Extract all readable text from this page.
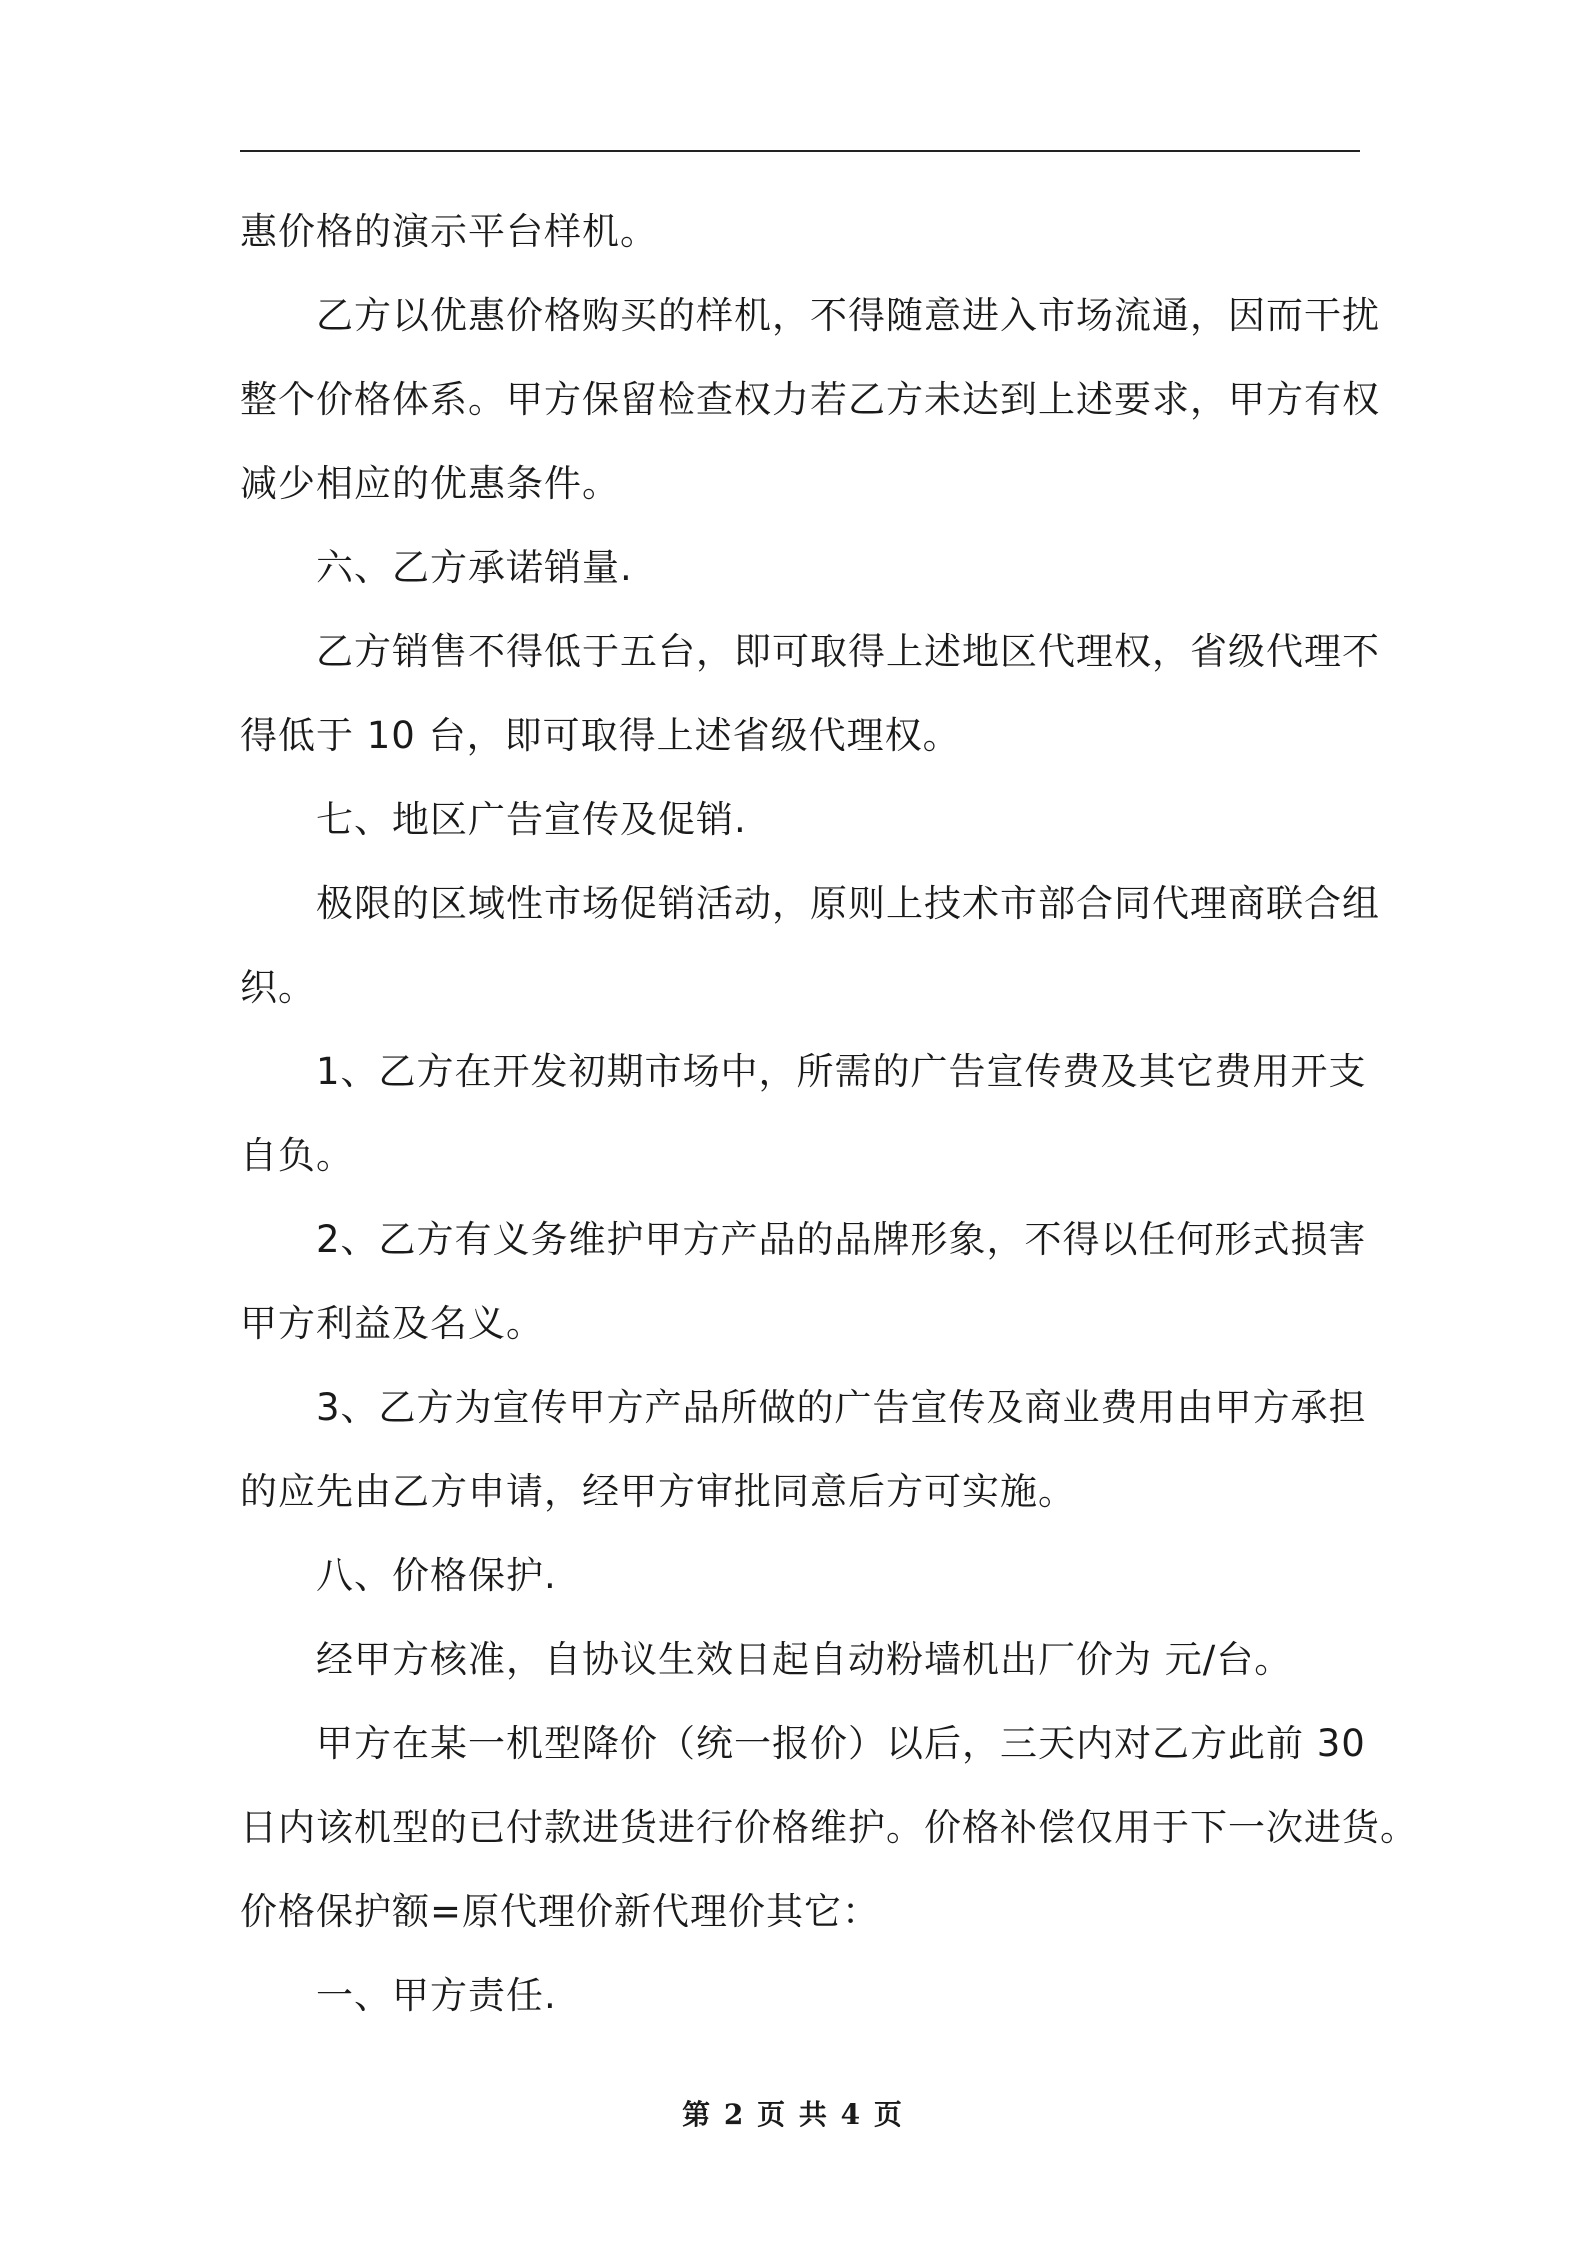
惠价格的演示平台样机。
乙方以优惠价格购买的样机，不得随意进入市场流通，因而干扰
整个价格体系。甲方保留检查权力若乙方未达到上述要求，甲方有权
减少相应的优惠条件。
六、乙方承诺销量.
乙方销售不得低于五台，即可取得上述地区代理权，省级代理不
得低于 10 台，即可取得上述省级代理权。
七、地区广告宣传及促销.
极限的区域性市场促销活动，原则上技术市部合同代理商联合组
织。
1、乙方在开发初期市场中，所需的广告宣传费及其它费用开支
自负。
2、乙方有义务维护甲方产品的品牌形象，不得以任何形式损害
甲方利益及名义。
3、乙方为宣传甲方产品所做的广告宣传及商业费用由甲方承担
的应先由乙方申请，经甲方审批同意后方可实施。
八、价格保护.
经甲方核准，自协议生效日起自动粉墙机出厂价为 元/台。
甲方在某一机型降价（统一报价）以后，三天内对乙方此前 30
日内该机型的已付款进货进行价格维护。价格补偿仅用于下一次进货。
价格保护额=原代理价新代理价其它：
一、甲方责任.
第 2 页 共 4 页
